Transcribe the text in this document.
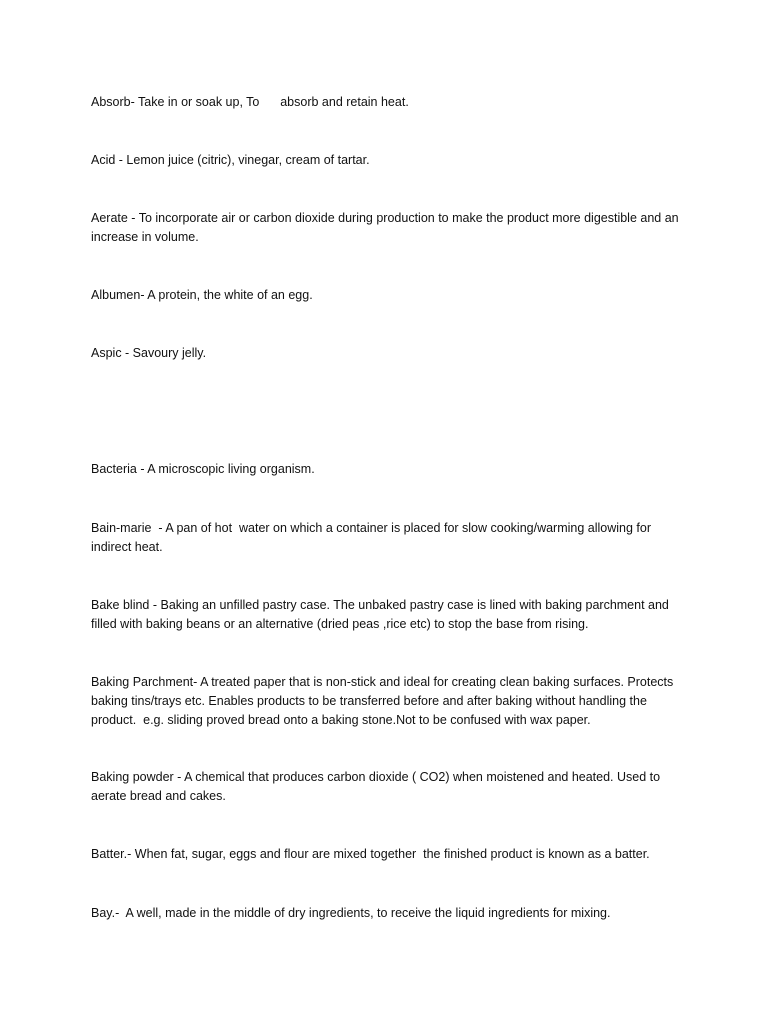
Absorb- Take in or soak up, To      absorb and retain heat.

Acid - Lemon juice (citric), vinegar, cream of tartar.

Aerate - To incorporate air or carbon dioxide during production to make the product more digestible and an increase in volume.

Albumen- A protein, the white of an egg.

Aspic - Savoury jelly.

Bacteria - A microscopic living organism.

Bain-marie  - A pan of hot  water on which a container is placed for slow cooking/warming allowing for indirect heat.

Bake blind - Baking an unfilled pastry case. The unbaked pastry case is lined with baking parchment and filled with baking beans or an alternative (dried peas ,rice etc) to stop the base from rising.

Baking Parchment- A treated paper that is non-stick and ideal for creating clean baking surfaces. Protects baking tins/trays etc. Enables products to be transferred before and after baking without handling the product.  e.g. sliding proved bread onto a baking stone.Not to be confused with wax paper.

Baking powder - A chemical that produces carbon dioxide ( CO2) when moistened and heated. Used to aerate bread and cakes.

Batter.- When fat, sugar, eggs and flour are mixed together  the finished product is known as a batter.

Bay.-  A well, made in the middle of dry ingredients, to receive the liquid ingredients for mixing.
